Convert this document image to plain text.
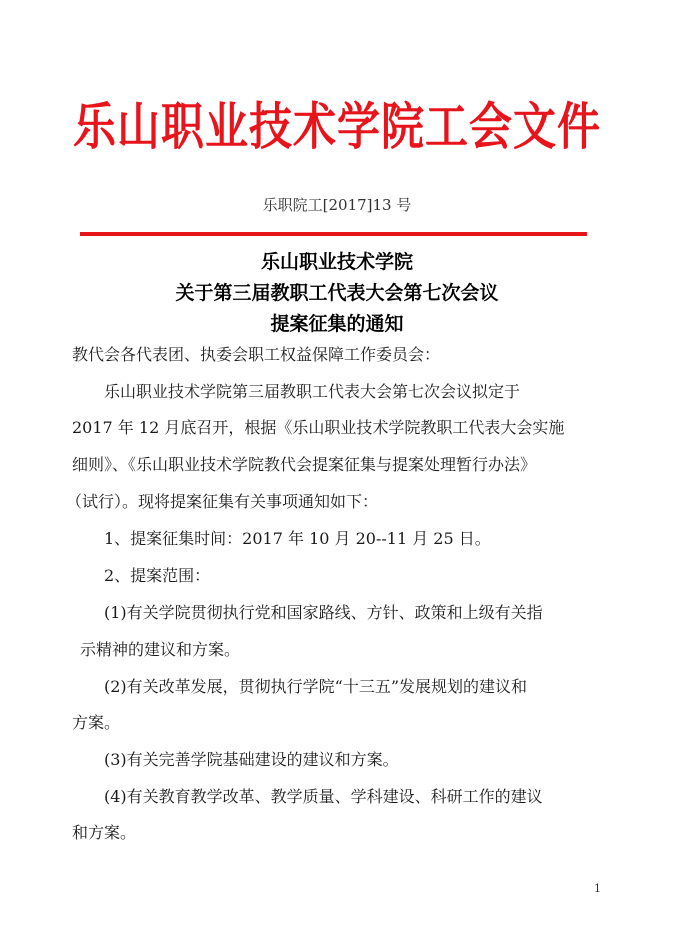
乐山职业技术学院工会文件
乐职院工[2017]13 号
乐山职业技术学院
关于第三届教职工代表大会第七次会议
提案征集的通知
教代会各代表团、执委会职工权益保障工作委员会：
乐山职业技术学院第三届教职工代表大会第七次会议拟定于
2017 年 12 月底召开，根据《乐山职业技术学院教职工代表大会实施
细则》、《乐山职业技术学院教代会提案征集与提案处理暂行办法》
（试行）。现将提案征集有关事项通知如下：
1、提案征集时间：2017 年 10 月 20--11 月 25 日。
2、提案范围：
(1)有关学院贯彻执行党和国家路线、方针、政策和上级有关指
示精神的建议和方案。
(2)有关改革发展，贯彻执行学院“十三五”发展规划的建议和
方案。
(3)有关完善学院基础建设的建议和方案。
(4)有关教育教学改革、教学质量、学科建设、科研工作的建议
和方案。
1
